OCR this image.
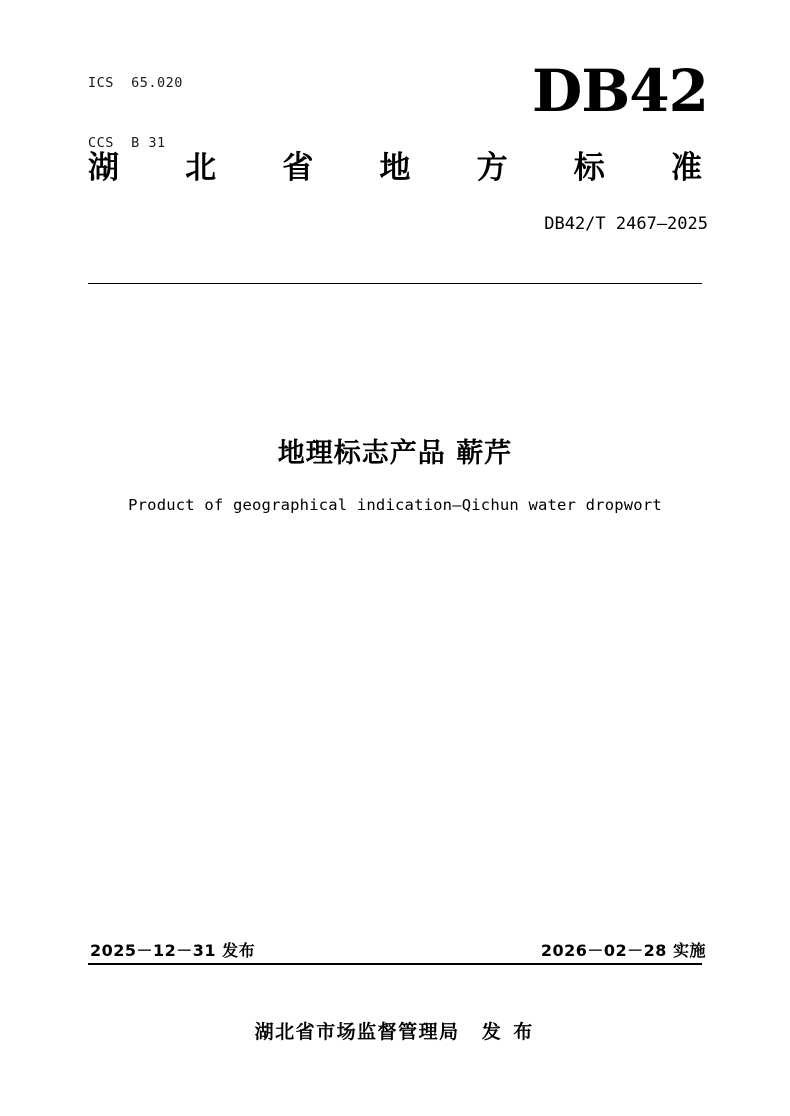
ICS  65.020

CCS  B 31

DB42
湖 北 省 地 方 标 准
DB42/T 2467—2025
地理标志产品 蕲芹
Product of geographical indication—Qichun water dropwort
2025－12－31 发布	2026－02－28 实施
湖北省市场监督管理局 发 布
